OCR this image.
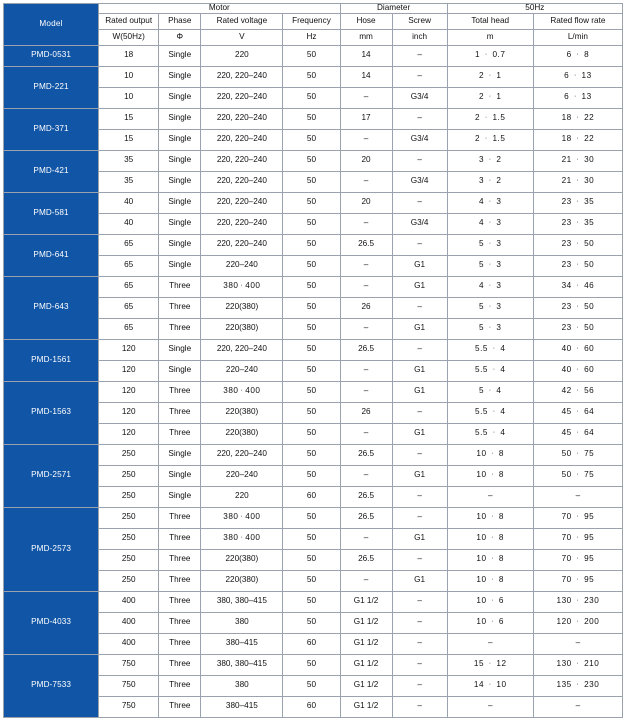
Model	Motor				Diameter		50Hz	
	Rated output	Phase	Rated voltage	Frequency	Hose	Screw	Total head	Rated flow rate
	W(50Hz)	Φ	V	Hz	mm	inch	m	L/min
PMD-0531	18	Single	220	50	14	–	1 · 0.7	6 · 8
PMD-221	10	Single	220, 220–240	50	14	–	2 · 1	6 · 13
	10	Single	220, 220–240	50	–	G3/4	2 · 1	6 · 13
PMD-371	15	Single	220, 220–240	50	17	–	2 · 1.5	18 · 22
	15	Single	220, 220–240	50	–	G3/4	2 · 1.5	18 · 22
PMD-421	35	Single	220, 220–240	50	20	–	3 · 2	21 · 30
	35	Single	220, 220–240	50	–	G3/4	3 · 2	21 · 30
PMD-581	40	Single	220, 220–240	50	20	–	4 · 3	23 · 35
	40	Single	220, 220–240	50	–	G3/4	4 · 3	23 · 35
PMD-641	65	Single	220, 220–240	50	26.5	–	5 · 3	23 · 50
	65	Single	220–240	50	–	G1	5 · 3	23 · 50
PMD-643	65	Three	380 · 400	50	–	G1	4 · 3	34 · 46
	65	Three	220(380)	50	26	–	5 · 3	23 · 50
	65	Three	220(380)	50	–	G1	5 · 3	23 · 50
PMD-1561	120	Single	220, 220–240	50	26.5	–	5.5 · 4	40 · 60
	120	Single	220–240	50	–	G1	5.5 · 4	40 · 60
PMD-1563	120	Three	380 · 400	50	–	G1	5 · 4	42 · 56
	120	Three	220(380)	50	26	–	5.5 · 4	45 · 64
	120	Three	220(380)	50	–	G1	5.5 · 4	45 · 64
PMD-2571	250	Single	220, 220–240	50	26.5	–	10 · 8	50 · 75
	250	Single	220–240	50	–	G1	10 · 8	50 · 75
	250	Single	220	60	26.5	–	–	–
PMD-2573	250	Three	380 · 400	50	26.5	–	10 · 8	70 · 95
	250	Three	380 · 400	50	–	G1	10 · 8	70 · 95
	250	Three	220(380)	50	26.5	–	10 · 8	70 · 95
	250	Three	220(380)	50	–	G1	10 · 8	70 · 95
PMD-4033	400	Three	380, 380–415	50	G1 1/2	–	10 · 6	130 · 230
	400	Three	380	50	G1 1/2	–	10 · 6	120 · 200
	400	Three	380–415	60	G1 1/2	–	–	–
PMD-7533	750	Three	380, 380–415	50	G1 1/2	–	15 · 12	130 · 210
	750	Three	380	50	G1 1/2	–	14 · 10	135 · 230
	750	Three	380–415	60	G1 1/2	–	–	–
